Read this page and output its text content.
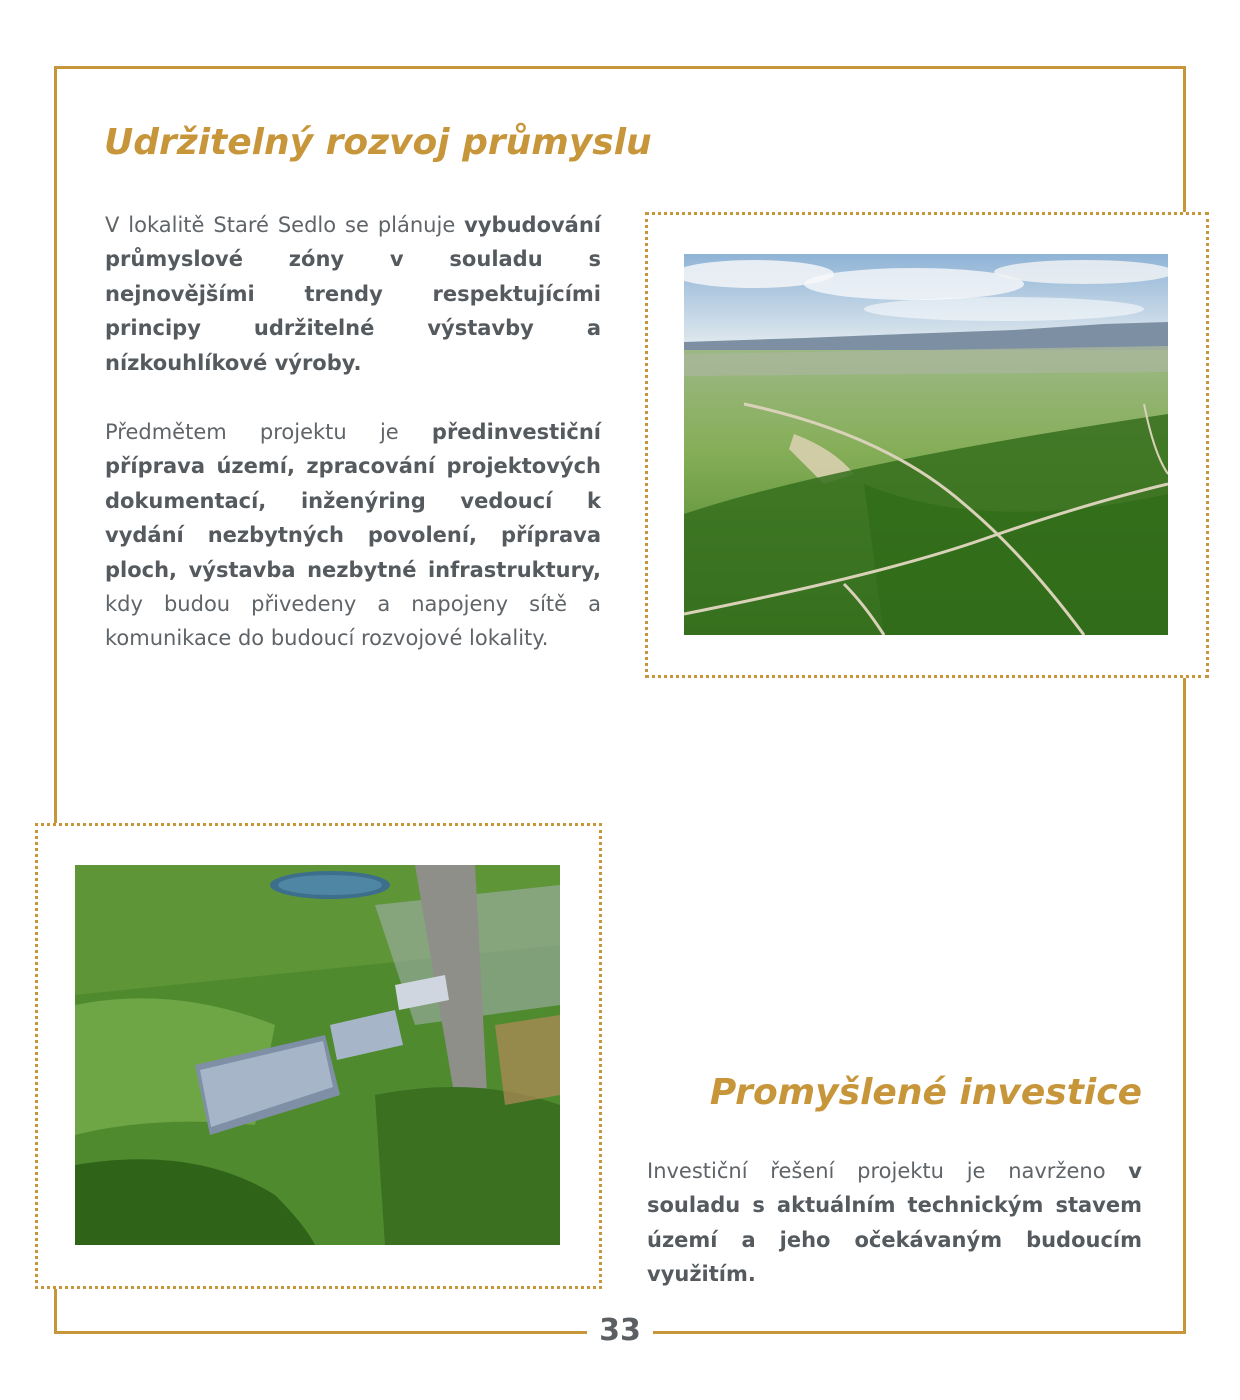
33
Udržitelný rozvoj průmyslu

V lokalitě Staré Sedlo se plánuje vybudování průmyslové zóny v souladu s nejnovějšími trendy respektujícími principy udržitelné výstavby a nízkouhlíkové výroby.

Předmětem projektu je předinvestiční příprava území, zpracování projektových dokumentací, inženýring vedoucí k vydání nezbytných povolení, příprava ploch, výstavba nezbytné infrastruktury, kdy budou přivedeny a napojeny sítě a komunikace do budoucí rozvojové lokality.

Promyšlené investice

Investiční řešení projektu je navrženo v souladu s aktuálním technickým stavem území a jeho očekávaným budoucím využitím.
